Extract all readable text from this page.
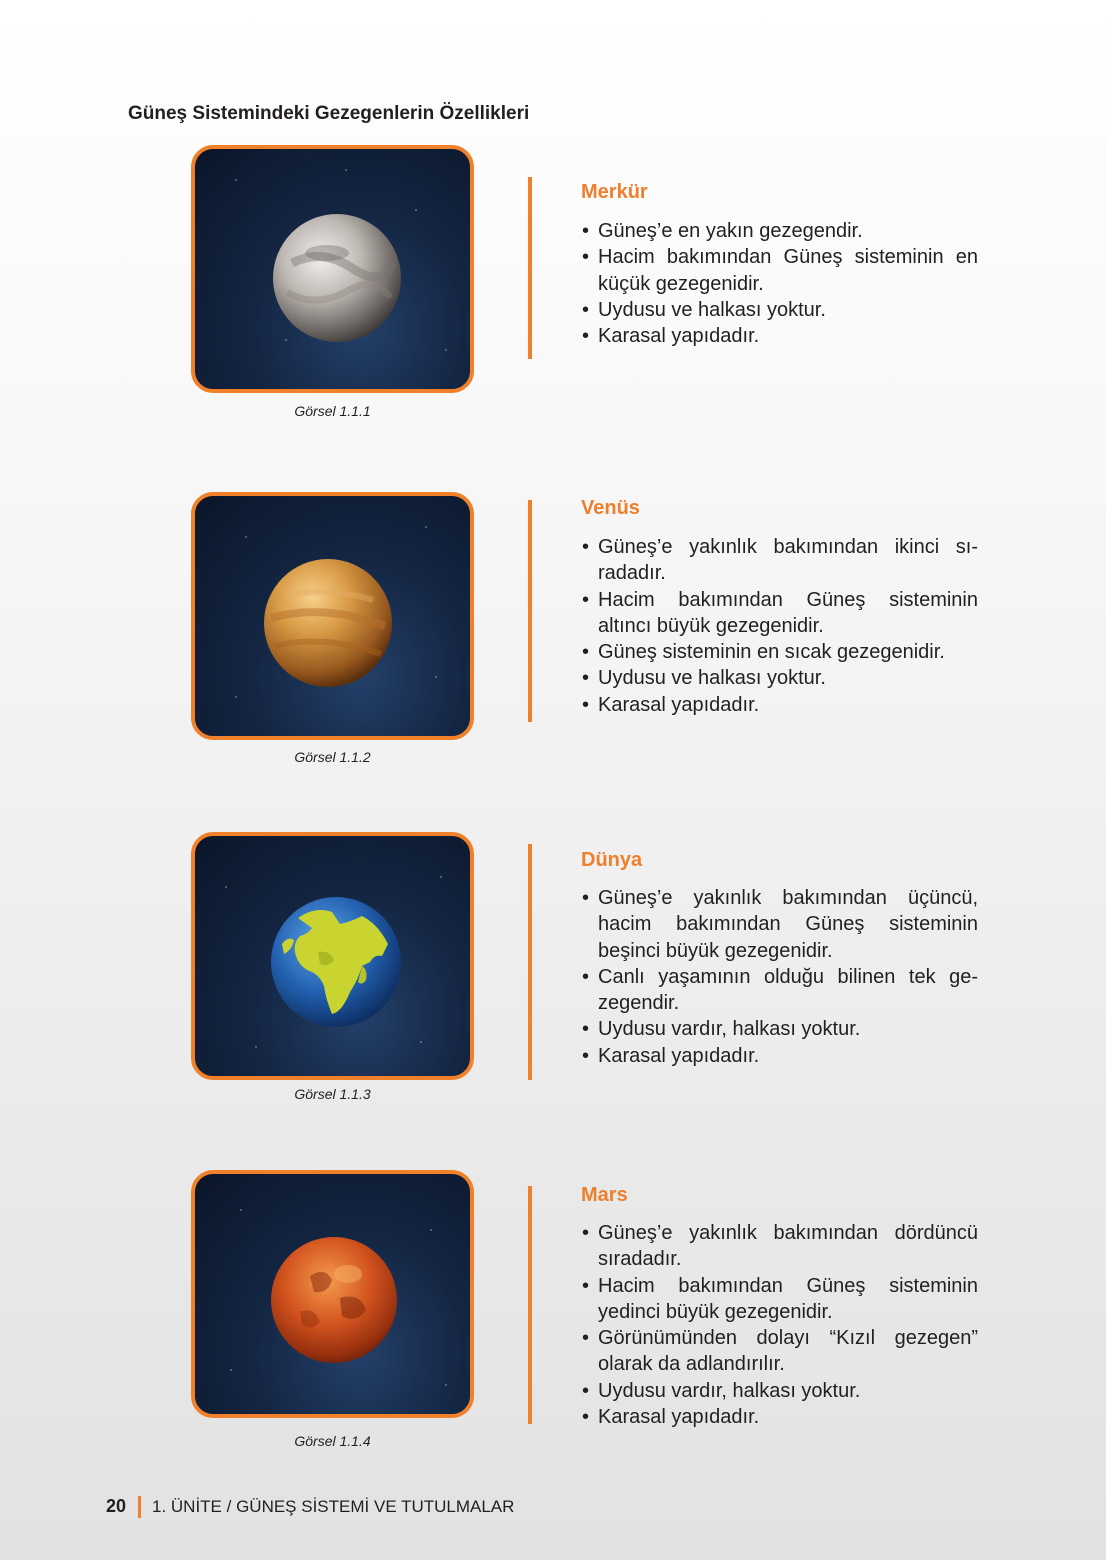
Güneş Sistemindeki Gezegenlerin Özellikleri
Görsel 1.1.1
Merkür
• Güneş’e en yakın gezegendir.
• Hacim bakımından Güneş sisteminin en küçük gezegenidir.
• Uydusu ve halkası yoktur.
• Karasal yapıdadır.
Görsel 1.1.2
Venüs
• Güneş’e yakınlık bakımından ikinci sı-radadır.
• Hacim bakımından Güneş sisteminin altıncı büyük gezegenidir.
• Güneş sisteminin en sıcak gezegenidir.
• Uydusu ve halkası yoktur.
• Karasal yapıdadır.
Görsel 1.1.3
Dünya
• Güneş’e yakınlık bakımından üçüncü, hacim bakımından Güneş sisteminin beşinci büyük gezegenidir.
• Canlı yaşamının olduğu bilinen tek ge-zegendir.
• Uydusu vardır, halkası yoktur.
• Karasal yapıdadır.
Görsel 1.1.4
Mars
• Güneş’e yakınlık bakımından dördüncü sıradadır.
• Hacim bakımından Güneş sisteminin yedinci büyük gezegenidir.
• Görünümünden dolayı “Kızıl gezegen” olarak da adlandırılır.
• Uydusu vardır, halkası yoktur.
• Karasal yapıdadır.
20 1. ÜNİTE / GÜNEŞ SİSTEMİ VE TUTULMALAR
